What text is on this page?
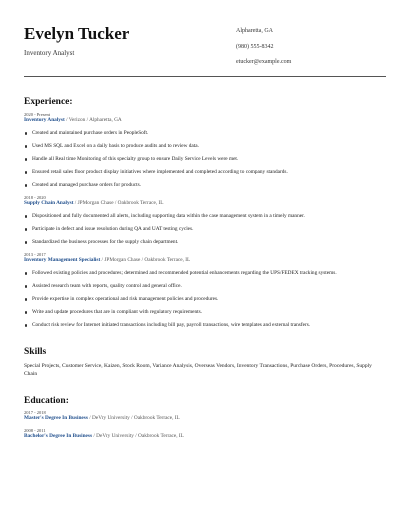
Evelyn Tucker
Inventory Analyst
Alpharetta, GA
(980) 555-8342
etucker@example.com
Experience:
2020 - Present
Inventory Analyst / Verizon / Alpharetta, GA
Created and maintained purchase orders in PeopleSoft.
Used MS SQL and Excel on a daily basis to produce audits and to review data.
Handle all Real time Monitoring of this specialty group to ensure Daily Service Levels were met.
Ensured retail sales floor product display initiatives where implemented and completed according to company standards.
Created and managed purchase orders for products.
2018 - 2020
Supply Chain Analyst / JPMorgan Chase / Oakbrook Terrace, IL
Dispositioned and fully documented all alerts, including supporting data within the case management system in a timely manner.
Participate in defect and issue resolution during QA and UAT testing cycles.
Standardized the business processes for the supply chain department.
2013 - 2017
Inventory Management Specialist / JPMorgan Chase / Oakbrook Terrace, IL
Followed existing policies and procedures; determined and recommended potential enhancements regarding the UPS/FEDEX tracking systems.
Assisted research team with reports, quality control and general office.
Provide expertise in complex operational and risk management policies and procedures.
Write and update procedures that are in compliant with regulatory requirements.
Conduct risk review for Internet initiated transactions including bill pay, payroll transactions, wire templates and external transfers.
Skills
Special Projects, Customer Service, Kaizen, Stock Room, Variance Analysis, Overseas Vendors, Inventory Transactions, Purchase Orders, Procedures, Supply Chain
Education:
2017 - 2018
Master's Degree In Business / DeVry University / Oakbrook Terrace, IL
2008 - 2011
Bachelor's Degree In Business / DeVry University / Oakbrook Terrace, IL
